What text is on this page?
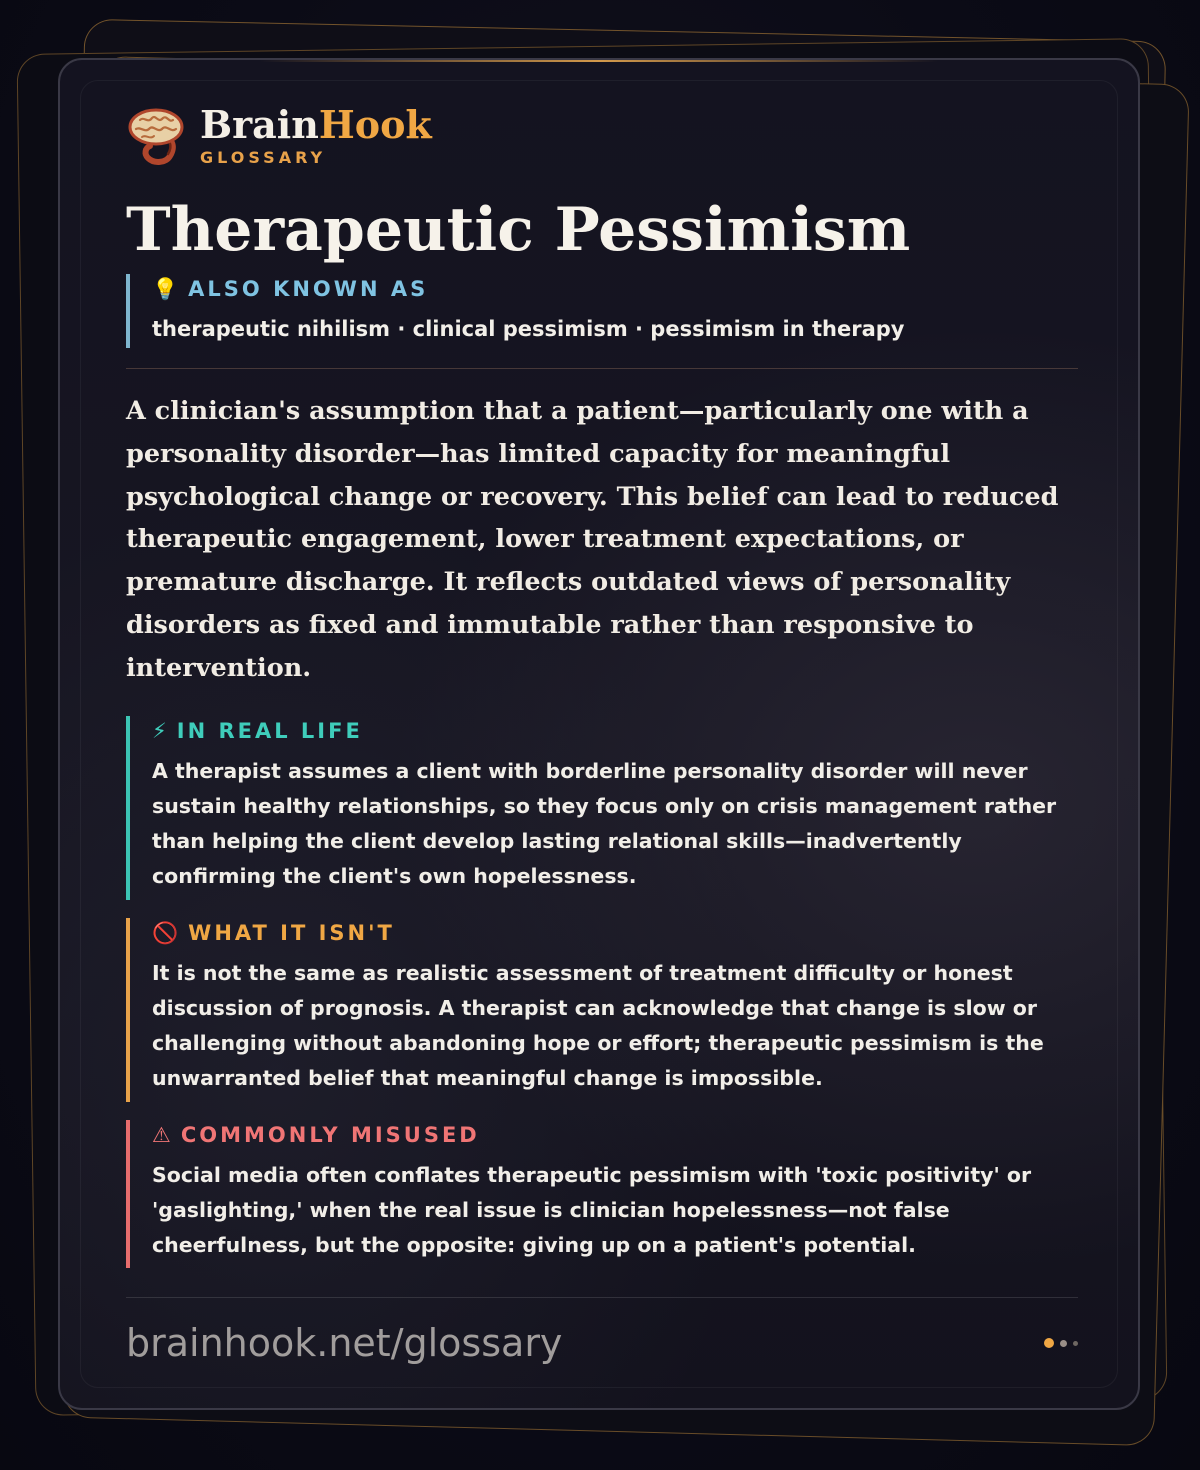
BrainHook
GLOSSARY
Therapeutic Pessimism
💡 ALSO KNOWN AS
therapeutic nihilism · clinical pessimism · pessimism in therapy

A clinician's assumption that a patient—particularly one with a personality disorder—has limited capacity for meaningful psychological change or recovery. This belief can lead to reduced therapeutic engagement, lower treatment expectations, or premature discharge. It reflects outdated views of personality disorders as fixed and immutable rather than responsive to intervention.

⚡ IN REAL LIFE
A therapist assumes a client with borderline personality disorder will never sustain healthy relationships, so they focus only on crisis management rather than helping the client develop lasting relational skills—inadvertently confirming the client's own hopelessness.
🚫 WHAT IT ISN'T
It is not the same as realistic assessment of treatment difficulty or honest discussion of prognosis. A therapist can acknowledge that change is slow or challenging without abandoning hope or effort; therapeutic pessimism is the unwarranted belief that meaningful change is impossible.
⚠ COMMONLY MISUSED
Social media often conflates therapeutic pessimism with 'toxic positivity' or 'gaslighting,' when the real issue is clinician hopelessness—not false cheerfulness, but the opposite: giving up on a patient's potential.
brainhook.net/glossary
